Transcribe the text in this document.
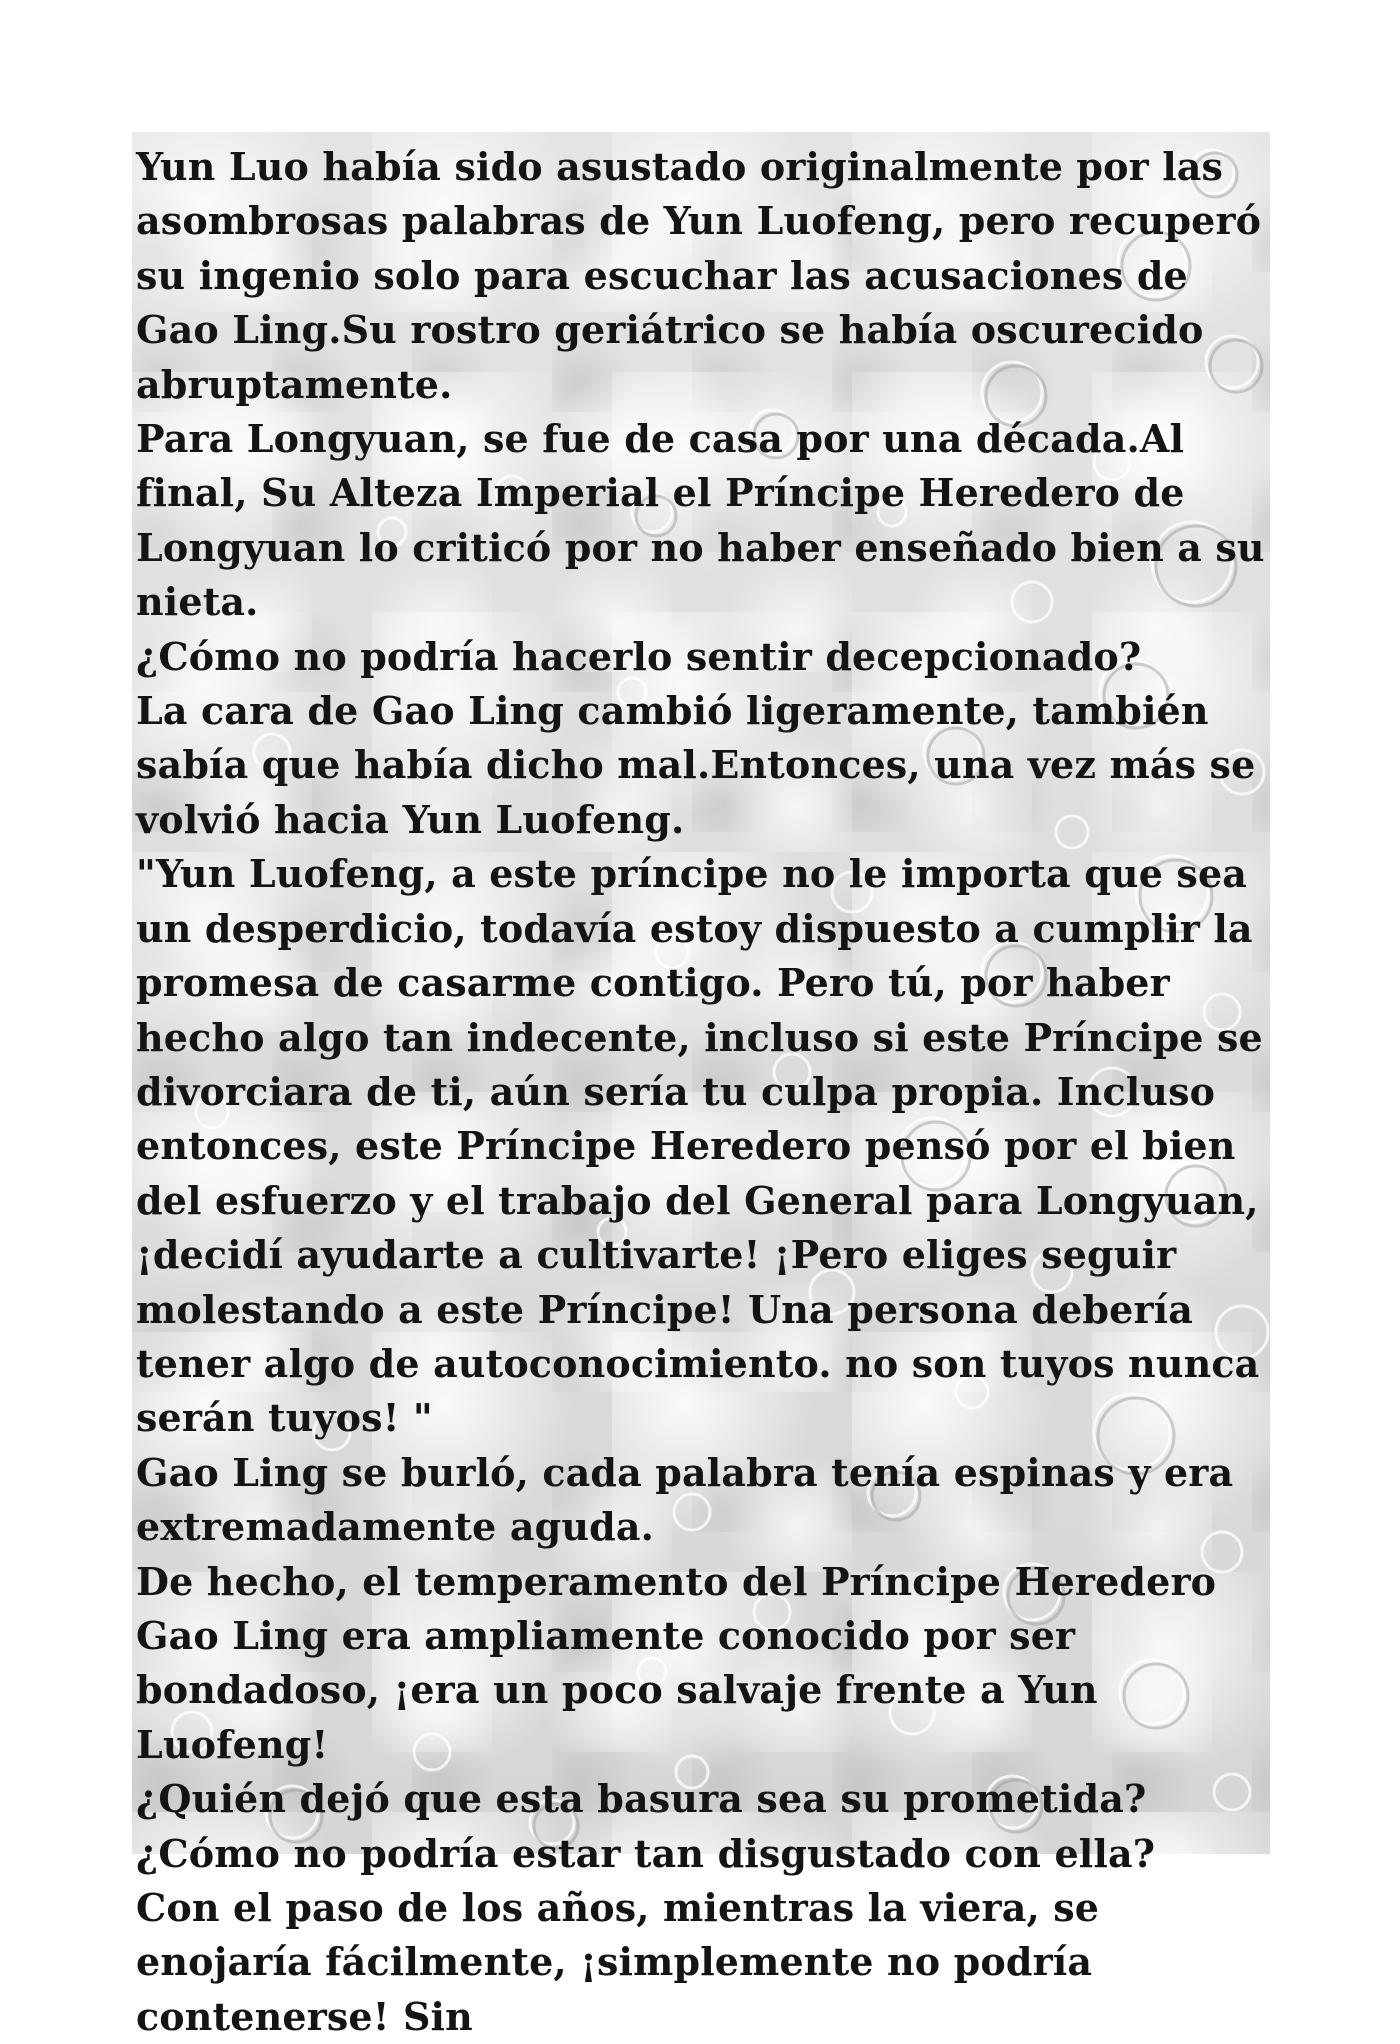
Yun Luo había sido asustado originalmente por las asombrosas palabras de Yun Luofeng, pero recuperó su ingenio solo para escuchar las acusaciones de Gao Ling.Su rostro geriátrico se había oscurecido abruptamente.

Para Longyuan, se fue de casa por una década.Al final, Su Alteza Imperial el Príncipe Heredero de Longyuan lo criticó por no haber enseñado bien a su nieta.

¿Cómo no podría hacerlo sentir decepcionado?

La cara de Gao Ling cambió ligeramente, también sabía que había dicho mal.Entonces, una vez más se volvió hacia Yun Luofeng.

"Yun Luofeng, a este príncipe no le importa que sea un desperdicio, todavía estoy dispuesto a cumplir la promesa de casarme contigo. Pero tú, por haber hecho algo tan indecente, incluso si este Príncipe se divorciara de ti, aún sería tu culpa propia. Incluso entonces, este Príncipe Heredero pensó por el bien del esfuerzo y el trabajo del General para Longyuan, ¡decidí ayudarte a cultivarte! ¡Pero eliges seguir molestando a este Príncipe! Una persona debería tener algo de autoconocimiento. no son tuyos nunca serán tuyos! "

Gao Ling se burló, cada palabra tenía espinas y era extremadamente aguda.

De hecho, el temperamento del Príncipe Heredero Gao Ling era ampliamente conocido por ser bondadoso, ¡era un poco salvaje frente a Yun Luofeng!

¿Quién dejó que esta basura sea su prometida?¿Cómo no podría estar tan disgustado con ella?

Con el paso de los años, mientras la viera, se enojaría fácilmente, ¡simplemente no podría contenerse! Sin
